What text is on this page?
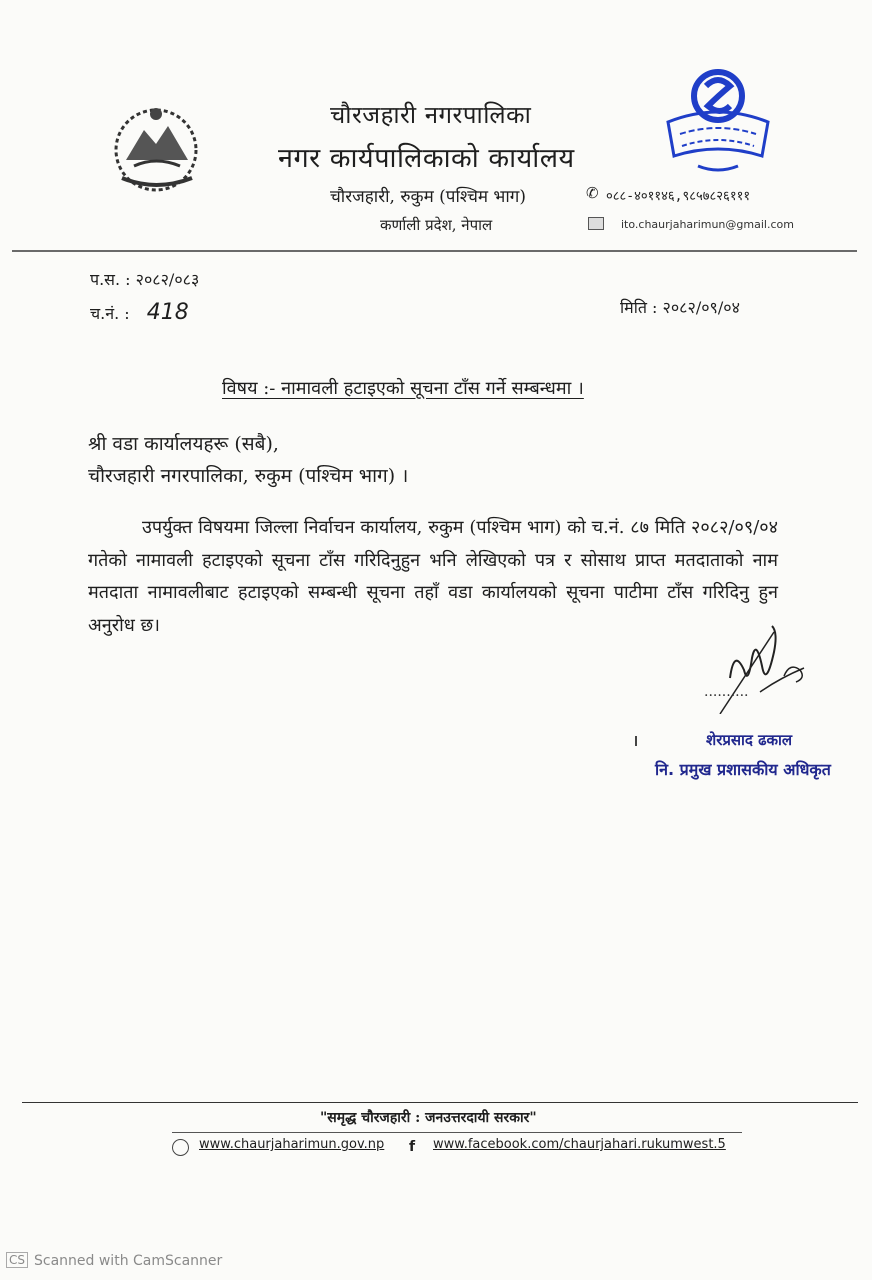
चौरजहारी नगरपालिका
नगर कार्यपालिकाको कार्यालय
चौरजहारी, रुकुम (पश्चिम भाग)
कर्णाली प्रदेश, नेपाल
✆ ०८८-४०११४६,९८५७८२६१११
ito.chaurjaharimun@gmail.com
प.स. : २०८२/०८३
च.नं. : 418	मिति : २०८२/०९/०४
विषय :- नामावली हटाइएको सूचना टाँस गर्ने सम्बन्धमा ।
श्री वडा कार्यालयहरू (सबै),
चौरजहारी नगरपालिका, रुकुम (पश्चिम भाग) ।
उपर्युक्त विषयमा जिल्ला निर्वाचन कार्यालय, रुकुम (पश्चिम भाग) को च.नं. ८७ मिति २०८२/०९/०४ गतेको नामावली हटाइएको सूचना टाँस गरिदिनुहुन भनि लेखिएको पत्र र सोसाथ प्राप्त मतदाताको नाम मतदाता नामावलीबाट हटाइएको सम्बन्धी सूचना तहाँ वडा कार्यालयको सूचना पाटीमा टाँस गरिदिनु हुन अनुरोध छ।
..........
शेरप्रसाद ढकाल
नि. प्रमुख प्रशासकीय अधिकृत
"समृद्ध चौरजहारी : जनउत्तरदायी सरकार"
www.chaurjaharimun.gov.np f www.facebook.com/chaurjahari.rukumwest.5
CS Scanned with CamScanner
